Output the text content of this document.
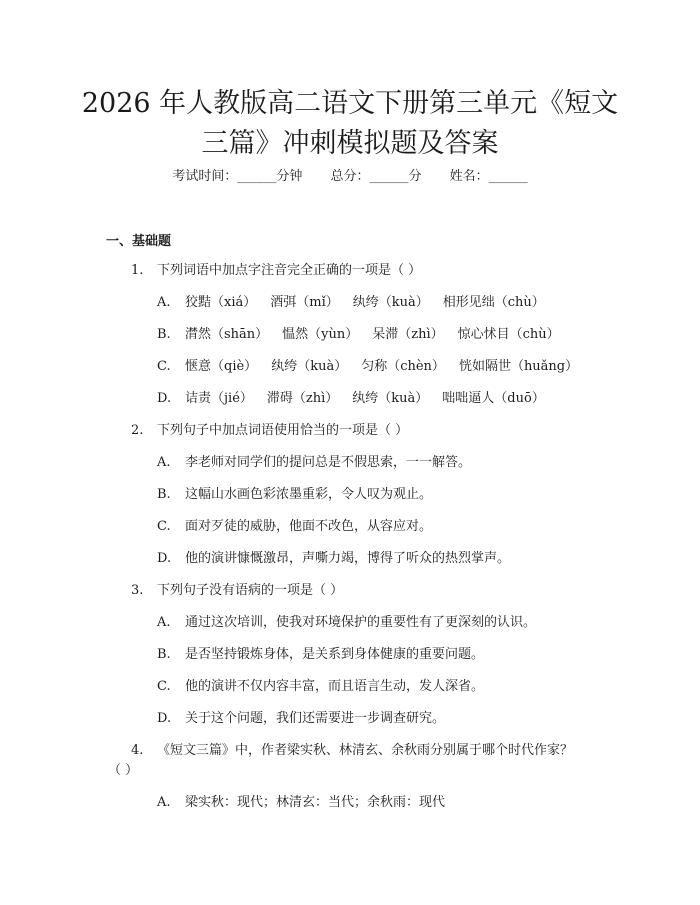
2026 年人教版高二语文下册第三单元《短文
三篇》冲刺模拟题及答案
考试时间：______分钟 总分：______分 姓名：______
一、基础题
1. 下列词语中加点字注音完全正确的一项是（ ）
A. 狡黠（xiá） 酒弭（mǐ） 纨绔（kuà） 相形见绌（chù）
B. 潸然（shān） 愠然（yùn） 呆滞（zhì） 惊心怵目（chù）
C. 惬意（qiè） 纨绔（kuà） 匀称（chèn） 恍如隔世（huǎng）
D. 诘责（jié） 滞碍（zhì） 纨绔（kuà） 咄咄逼人（duō）
2. 下列句子中加点词语使用恰当的一项是（ ）
A. 李老师对同学们的提问总是不假思索，一一解答。
B. 这幅山水画色彩浓墨重彩，令人叹为观止。
C. 面对歹徒的威胁，他面不改色，从容应对。
D. 他的演讲慷慨激昂，声嘶力竭，博得了听众的热烈掌声。
3. 下列句子没有语病的一项是（ ）
A. 通过这次培训，使我对环境保护的重要性有了更深刻的认识。
B. 是否坚持锻炼身体，是关系到身体健康的重要问题。
C. 他的演讲不仅内容丰富，而且语言生动，发人深省。
D. 关于这个问题，我们还需要进一步调查研究。
4. 《短文三篇》中，作者梁实秋、林清玄、余秋雨分别属于哪个时代作家？
（ ）
A. 梁实秋：现代；林清玄：当代；余秋雨：现代
